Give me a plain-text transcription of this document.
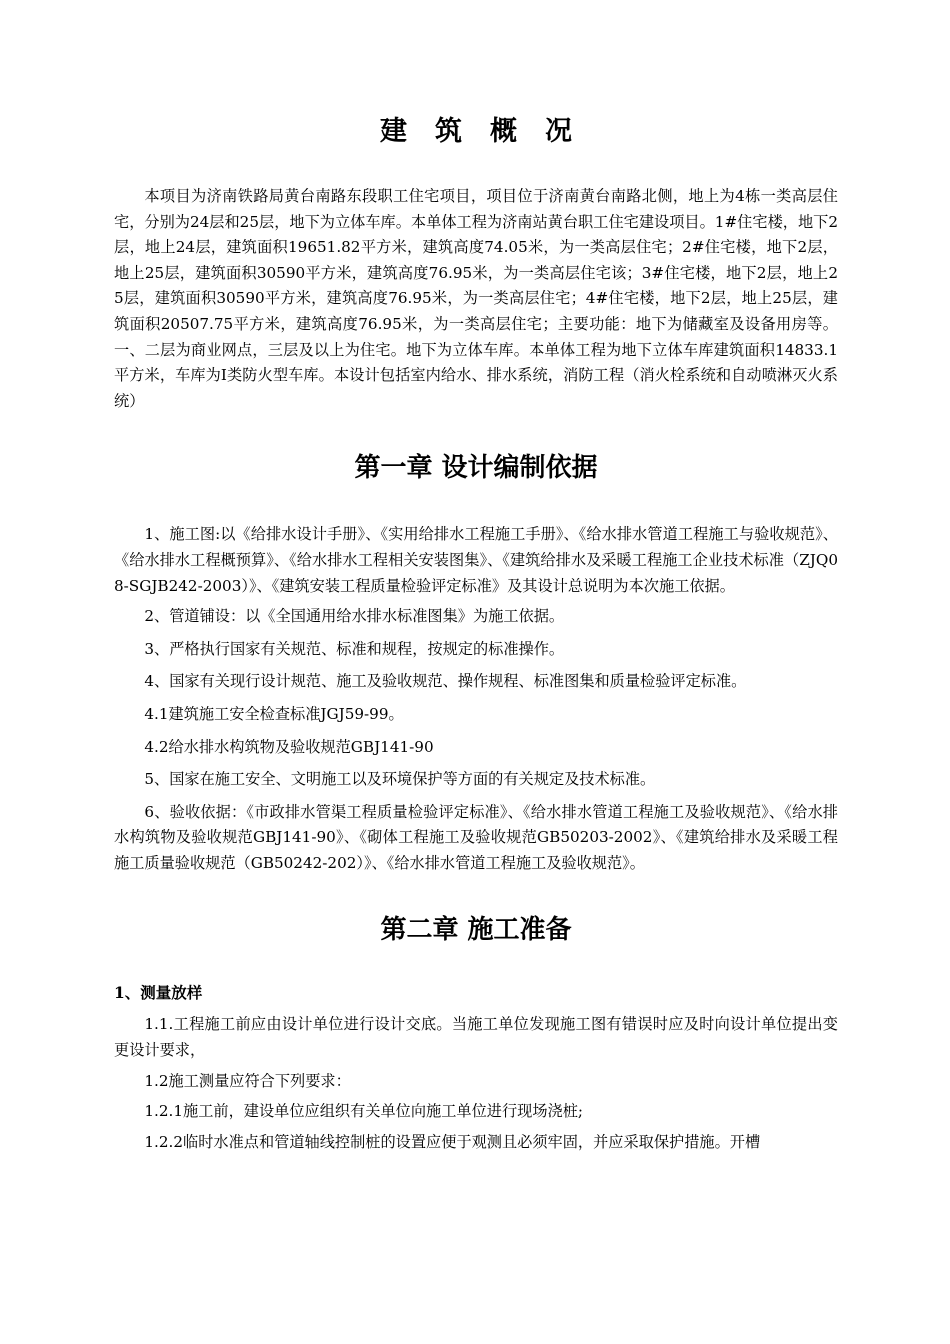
建筑概况

本项目为济南铁路局黄台南路东段职工住宅项目，项目位于济南黄台南路北侧，地上为4栋一类高层住宅，分别为24层和25层，地下为立体车库。本单体工程为济南站黄台职工住宅建设项目。1#住宅楼，地下2层，地上24层，建筑面积19651.82平方米，建筑高度74.05米，为一类高层住宅；2#住宅楼，地下2层，地上25层，建筑面积30590平方米，建筑高度76.95米，为一类高层住宅该；3#住宅楼，地下2层，地上25层，建筑面积30590平方米，建筑高度76.95米，为一类高层住宅；4#住宅楼，地下2层，地上25层，建筑面积20507.75平方米，建筑高度76.95米，为一类高层住宅；主要功能：地下为储藏室及设备用房等。一、二层为商业网点，三层及以上为住宅。地下为立体车库。本单体工程为地下立体车库建筑面积14833.1平方米，车库为Ⅰ类防火型车库。本设计包括室内给水、排水系统，消防工程（消火栓系统和自动喷淋灭火系统）

第一章 设计编制依据

1、施工图:以《给排水设计手册》、《实用给排水工程施工手册》、《给水排水管道工程施工与验收规范》、《给水排水工程概预算》、《给水排水工程相关安装图集》、《建筑给排水及采暖工程施工企业技术标准（ZJQ08-SGJB242-2003）》、《建筑安装工程质量检验评定标准》及其设计总说明为本次施工依据。

2、管道铺设：以《全国通用给水排水标准图集》为施工依据。

3、严格执行国家有关规范、标准和规程，按规定的标准操作。

4、国家有关现行设计规范、施工及验收规范、操作规程、标准图集和质量检验评定标准。

4.1建筑施工安全检查标准JGJ59-99。

4.2给水排水构筑物及验收规范GBJ141-90

5、国家在施工安全、文明施工以及环境保护等方面的有关规定及技术标准。

6、验收依据：《市政排水管渠工程质量检验评定标准》、《给水排水管道工程施工及验收规范》、《给水排水构筑物及验收规范GBJ141-90》、《砌体工程施工及验收规范GB50203-2002》、《建筑给排水及采暖工程施工质量验收规范（GB50242-202）》、《给水排水管道工程施工及验收规范》。

第二章 施工准备
1、测量放样

1.1.工程施工前应由设计单位进行设计交底。当施工单位发现施工图有错误时应及时向设计单位提出变更设计要求，

1.2施工测量应符合下列要求：

1.2.1施工前，建设单位应组织有关单位向施工单位进行现场浇桩;

1.2.2临时水准点和管道轴线控制桩的设置应便于观测且必须牢固，并应采取保护措施。开槽
